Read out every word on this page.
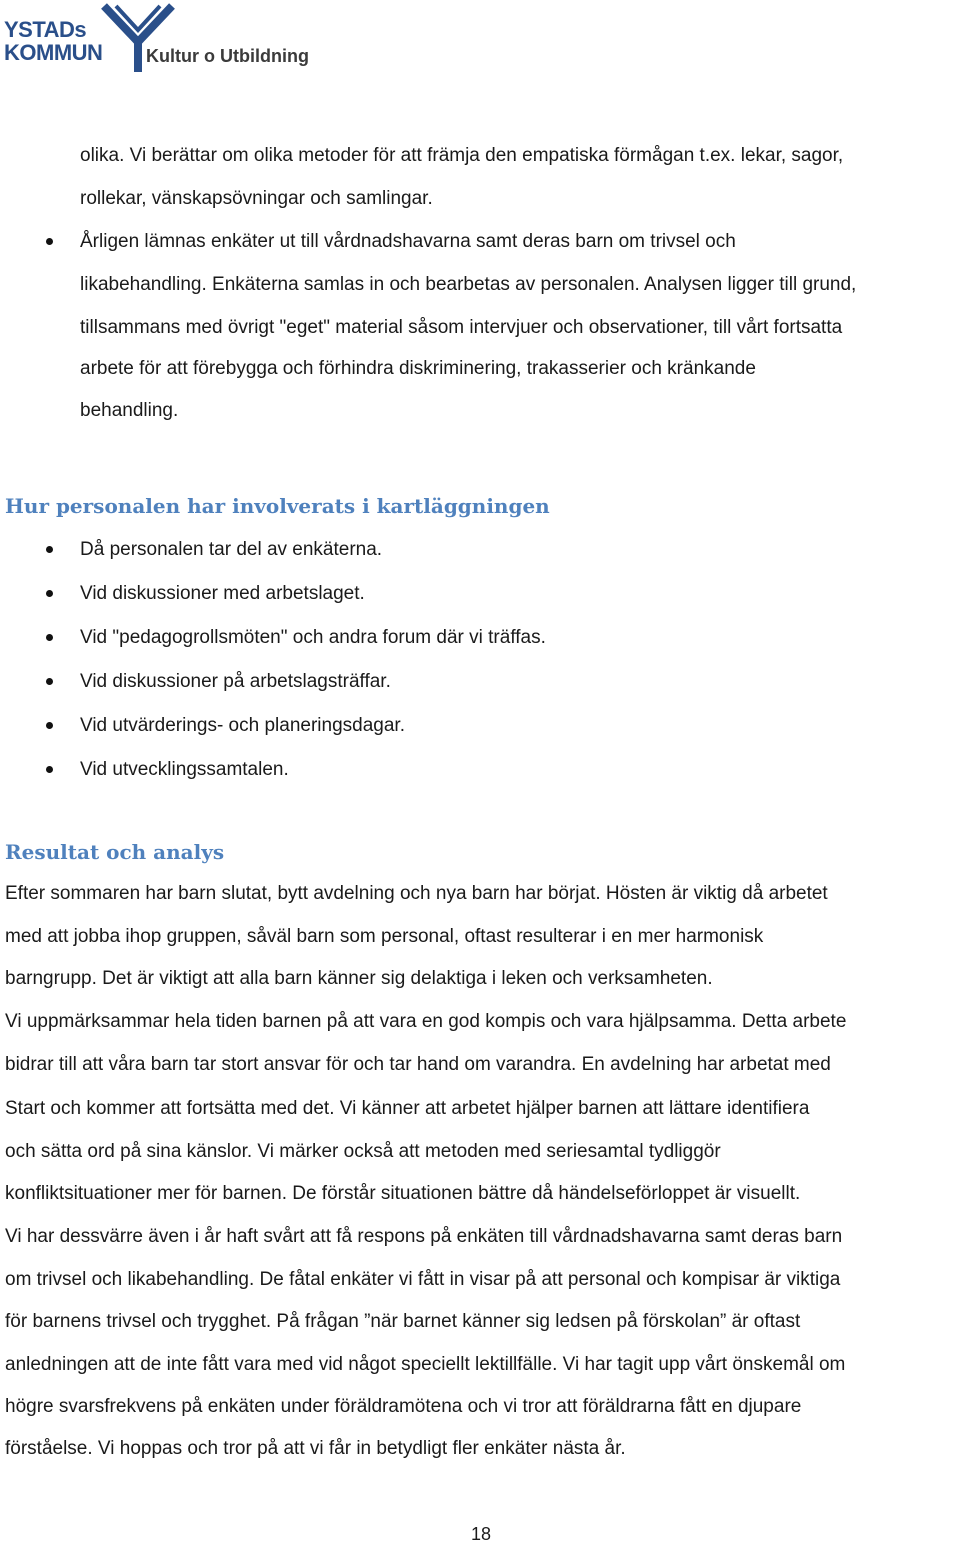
YSTADs
KOMMUN Kultur o Utbildning
olika. Vi berättar om olika metoder för att främja den empatiska förmågan t.ex. lekar, sagor,
rollekar, vänskapsövningar och samlingar.
Årligen lämnas enkäter ut till vårdnadshavarna samt deras barn om trivsel och
likabehandling. Enkäterna samlas in och bearbetas av personalen. Analysen ligger till grund,
tillsammans med övrigt "eget" material såsom intervjuer och observationer, till vårt fortsatta
arbete för att förebygga och förhindra diskriminering, trakasserier och kränkande
behandling.
Hur personalen har involverats i kartläggningen
Då personalen tar del av enkäterna.
Vid diskussioner med arbetslaget.
Vid "pedagogrollsmöten" och andra forum där vi träffas.
Vid diskussioner på arbetslagsträffar.
Vid utvärderings- och planeringsdagar.
Vid utvecklingssamtalen.
Resultat och analys
Efter sommaren har barn slutat, bytt avdelning och nya barn har börjat. Hösten är viktig då arbetet
med att jobba ihop gruppen, såväl barn som personal, oftast resulterar i en mer harmonisk
barngrupp. Det är viktigt att alla barn känner sig delaktiga i leken och verksamheten.
Vi uppmärksammar hela tiden barnen på att vara en god kompis och vara hjälpsamma. Detta arbete
bidrar till att våra barn tar stort ansvar för och tar hand om varandra. En avdelning har arbetat med
Start och kommer att fortsätta med det. Vi känner att arbetet hjälper barnen att lättare identifiera
och sätta ord på sina känslor. Vi märker också att metoden med seriesamtal tydliggör
konfliktsituationer mer för barnen. De förstår situationen bättre då händelseförloppet är visuellt.
Vi har dessvärre även i år haft svårt att få respons på enkäten till vårdnadshavarna samt deras barn
om trivsel och likabehandling. De fåtal enkäter vi fått in visar på att personal och kompisar är viktiga
för barnens trivsel och trygghet. På frågan ”när barnet känner sig ledsen på förskolan” är oftast
anledningen att de inte fått vara med vid något speciellt lektillfälle. Vi har tagit upp vårt önskemål om
högre svarsfrekvens på enkäten under föräldramötena och vi tror att föräldrarna fått en djupare
förståelse. Vi hoppas och tror på att vi får in betydligt fler enkäter nästa år.
18
